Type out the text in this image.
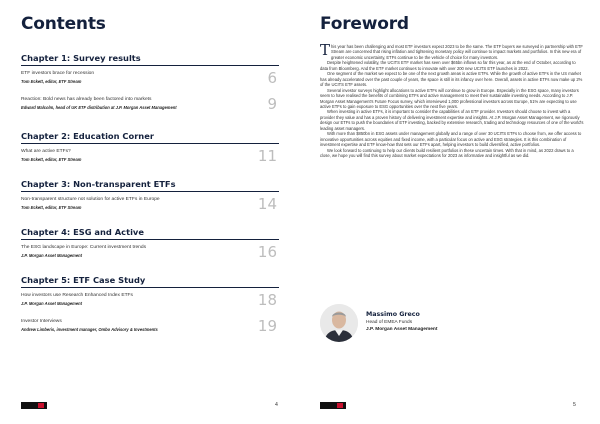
Contents
Chapter 1: Survey results
ETF investors brace for recession
Tom Eckett, editor, ETF Stream	6
Reaction: Bold news has already been factored into markets
Edward Malcolm, head of UK ETF distribution at J.P. Morgan Asset Management	9
Chapter 2: Education Corner
What are active ETFs?
Tom Eckett, editor, ETF Stream	11
Chapter 3: Non-transparent ETFs
Non-transparent structure not solution for active ETFs in Europe
Tom Eckett, editor, ETF Stream	14
Chapter 4: ESG and Active
The ESG landscape in Europe: Current investment trends
J.P. Morgan Asset Management	16
Chapter 5: ETF Case Study
How investors use Research Enhanced Index ETFs
J.P. Morgan Asset Management	18
Investor Interviews
Andrew Limberis, investment manager, Ombo Advisory & Investments	19
4
Foreword

This year has been challenging and most ETF investors expect 2023 to be the same. The ETF buyers we surveyed in partnership with ETF Stream are concerned that rising inflation and tightening monetary policy will continue to impact markets and portfolios. In this new era of greater economic uncertainty, ETFs continue to be the vehicle of choice for many investors.

Despite heightened volatility, the UCITS ETF market has seen over $65bn inflows so far this year, as at the end of October, according to data from Bloomberg. And the ETF market continues to innovate with over 200 new UCITS ETF launches in 2022.

One segment of the market we expect to be one of the next growth areas is active ETFs. While the growth of active ETFs in the US market has already accelerated over the past couple of years, the space is still in its infancy over here. Overall, assets in active ETFs now make up 2% of the UCITS ETF assets.

Several investor surveys highlight allocations to active ETFs will continue to grow in Europe. Especially in the ESG space, many investors seem to have realised the benefits of combining ETFs and active management to meet their sustainable investing needs. According to J.P. Morgan Asset Management's Future Focus survey, which interviewed 1,000 professional investors across Europe, 51% are expecting to use active ETFs to gain exposure to ESG opportunities over the next five years.

When investing in active ETFs, it is important to consider the capabilities of an ETF provider. Investors should choose to invest with a provider they value and has a proven history of delivering investment expertise and insights. At J.P. Morgan Asset Management, we rigorously design our ETFs to push the boundaries of ETF investing, backed by extensive research, trading and technology resources of one of the world's leading asset managers.

With more than $850bn in ESG assets under management globally and a range of over 30 UCITS ETFs to choose from, we offer access to innovative opportunities across equities and fixed income, with a particular focus on active and ESG strategies. It is this combination of investment expertise and ETF know-how that sets our ETFs apart, helping investors to build diversified, active portfolios.

We look forward to continuing to help our clients build resilient portfolios in these uncertain times. With that in mind, as 2022 draws to a close, we hope you will find this survey about market expectations for 2023 as informative and insightful as we did.

Massimo Greco
Head of EMEA Funds
J.P. Morgan Asset Management
5
